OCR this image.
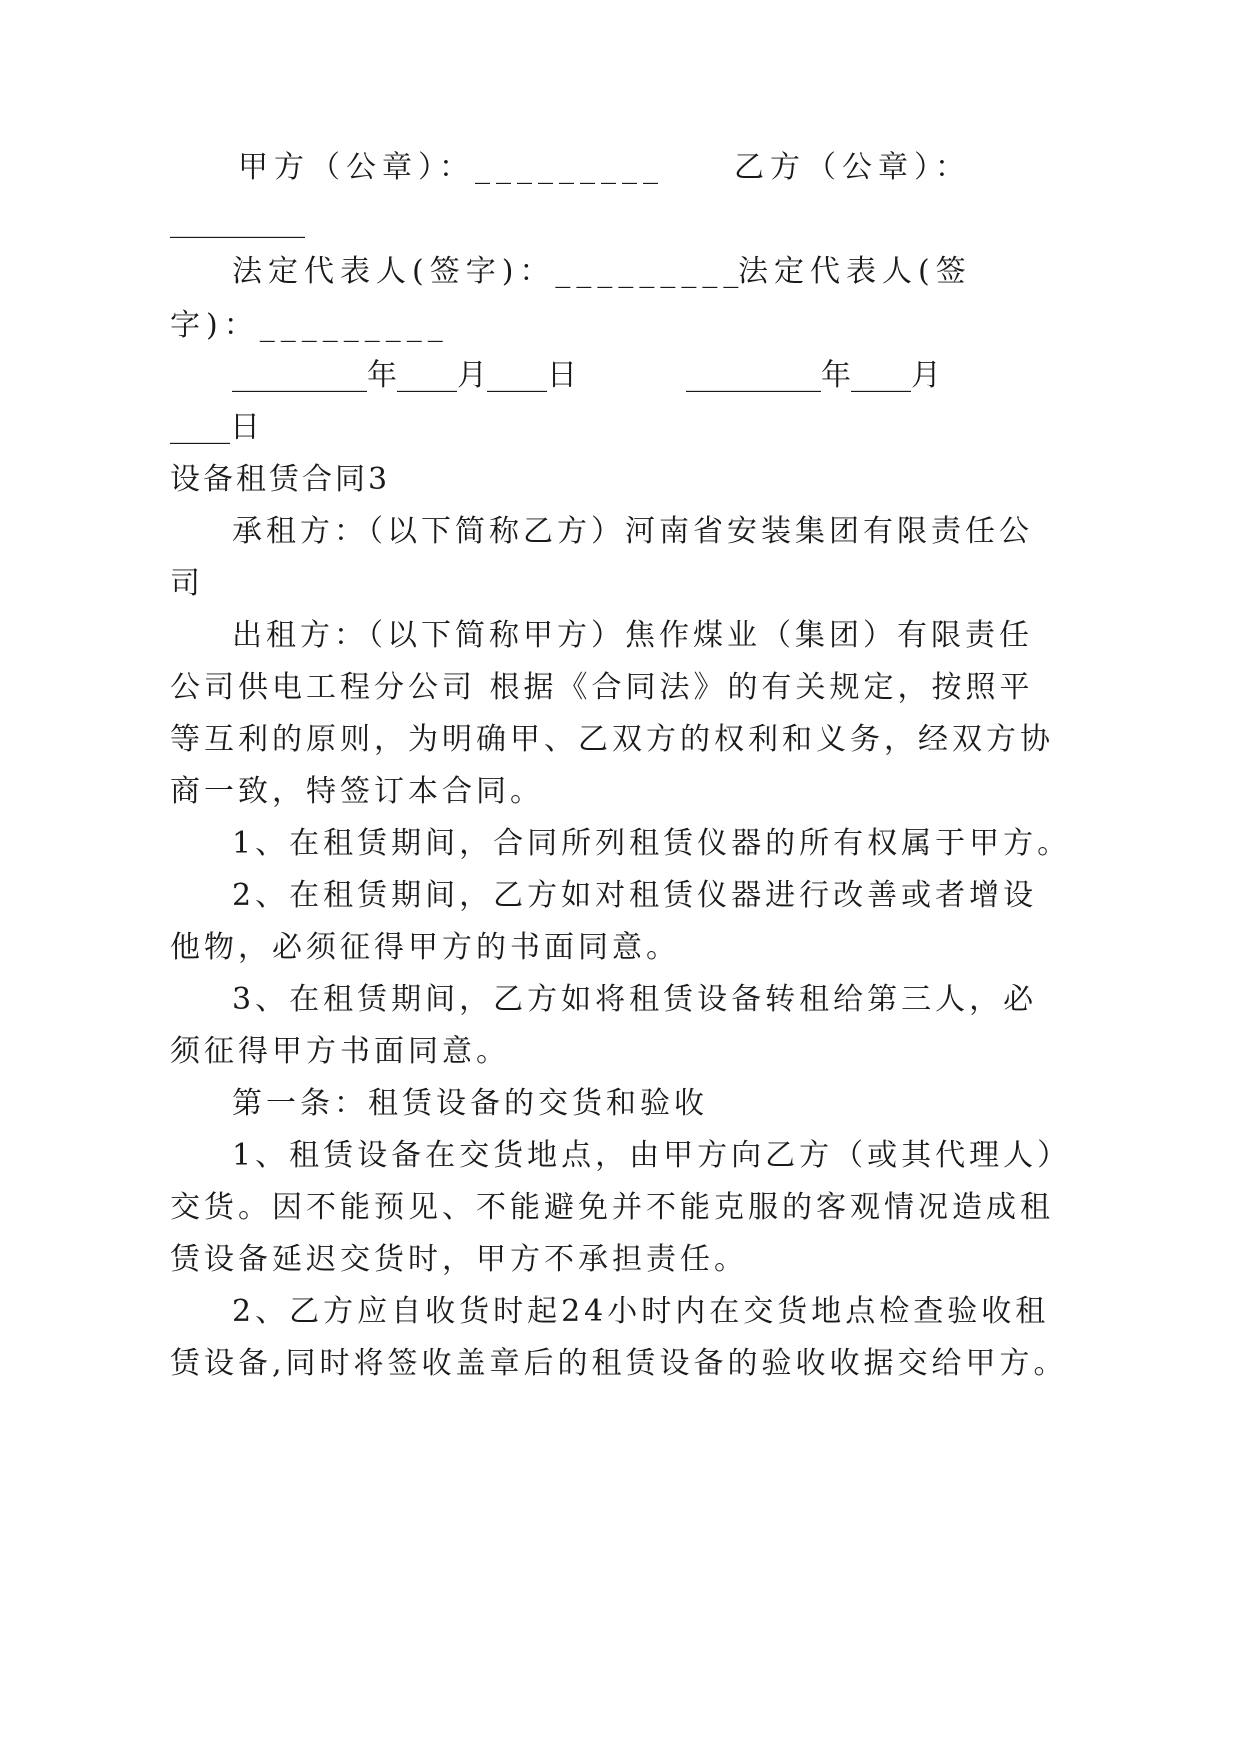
甲方（公章）：_________	乙方（公章）：
_________
法定代表人(签字)：_________
法定代表人(签
字)：_________
_________年____月____日	_________年____月
____日
设备租赁合同3
承租方：（以下简称乙方）河南省安装集团有限责任公
司
出租方：（以下简称甲方）焦作煤业（集团）有限责任
公司供电工程分公司 根据《合同法》的有关规定，按照平
等互利的原则，为明确甲、乙双方的权利和义务，经双方协
商一致，特签订本合同。
1、在租赁期间，合同所列租赁仪器的所有权属于甲方。
2、在租赁期间，乙方如对租赁仪器进行改善或者增设
他物，必须征得甲方的书面同意。
3、在租赁期间，乙方如将租赁设备转租给第三人，必
须征得甲方书面同意。
第一条：租赁设备的交货和验收
1、租赁设备在交货地点，由甲方向乙方（或其代理人）
交货。因不能预见、不能避免并不能克服的客观情况造成租
赁设备延迟交货时，甲方不承担责任。
2、乙方应自收货时起24小时内在交货地点检查验收租
赁设备,同时将签收盖章后的租赁设备的验收收据交给甲方。
